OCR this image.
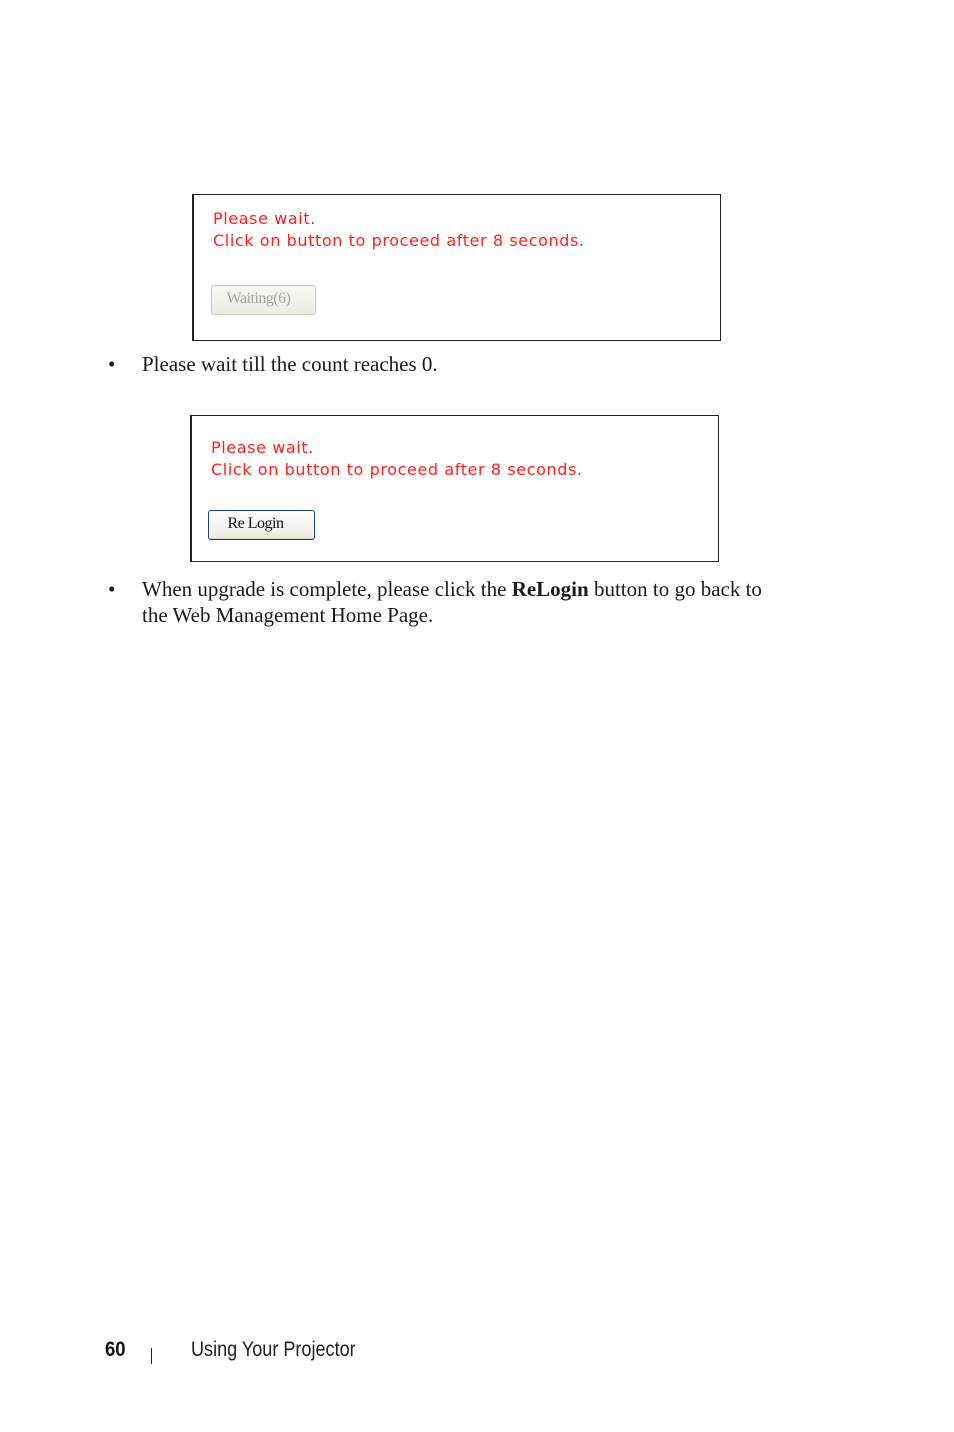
Please wait.
Click on button to proceed after 8 seconds.
Waiting(6)
• Please wait till the count reaches 0.
Please wait.
Click on button to proceed after 8 seconds.
Re Login
• When upgrade is complete, please click the ReLogin button to go back to
the Web Management Home Page.
60	Using Your Projector
